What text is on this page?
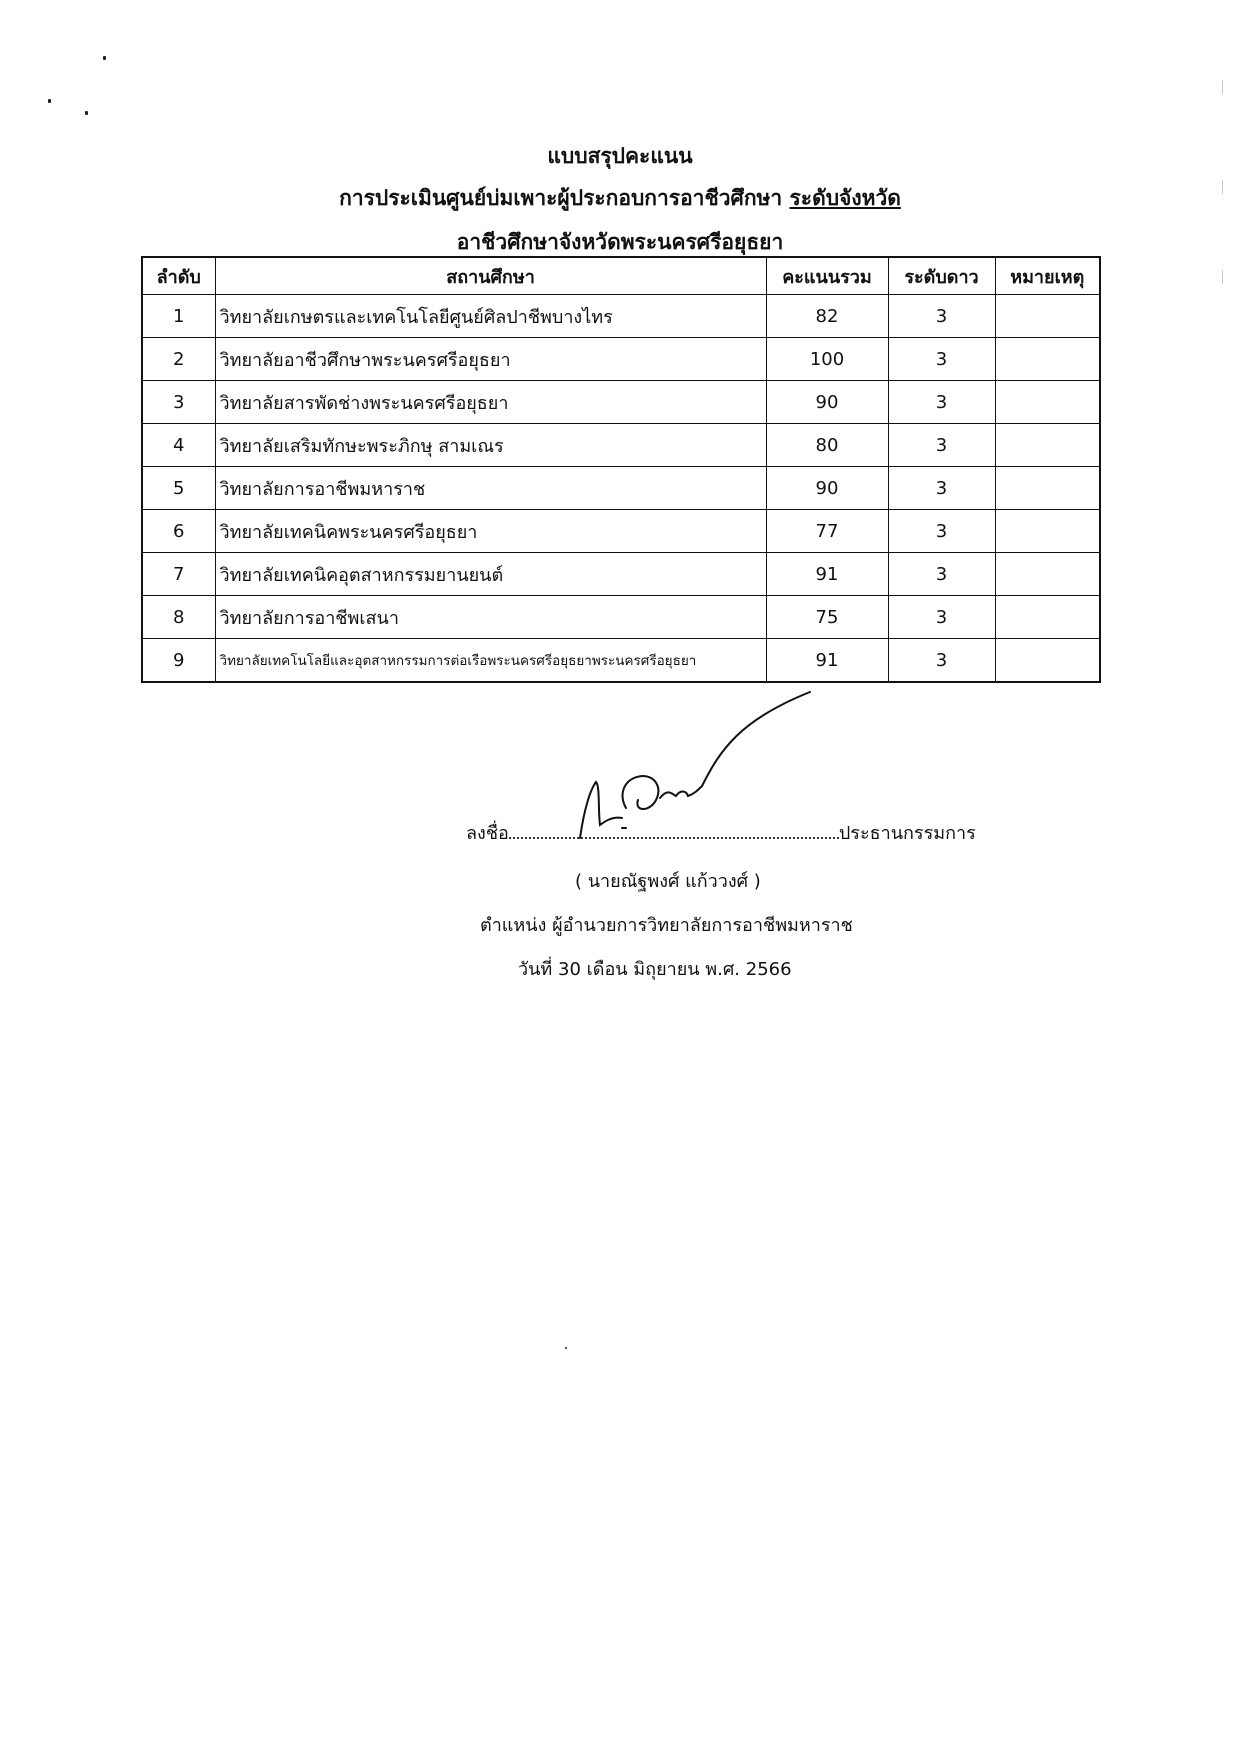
แบบสรุปคะแนน
การประเมินศูนย์บ่มเพาะผู้ประกอบการอาชีวศึกษา ระดับจังหวัด
อาชีวศึกษาจังหวัดพระนครศรีอยุธยา
ลำดับ	สถานศึกษา	คะแนนรวม	ระดับดาว	หมายเหตุ
1	วิทยาลัยเกษตรและเทคโนโลยีศูนย์ศิลปาชีพบางไทร	82	3	
2	วิทยาลัยอาชีวศึกษาพระนครศรีอยุธยา	100	3	
3	วิทยาลัยสารพัดช่างพระนครศรีอยุธยา	90	3	
4	วิทยาลัยเสริมทักษะพระภิกษุ สามเณร	80	3	
5	วิทยาลัยการอาชีพมหาราช	90	3	
6	วิทยาลัยเทคนิคพระนครศรีอยุธยา	77	3	
7	วิทยาลัยเทคนิคอุตสาหกรรมยานยนต์	91	3	
8	วิทยาลัยการอาชีพเสนา	75	3	
9	วิทยาลัยเทคโนโลยีและอุตสาหกรรมการต่อเรือพระนครศรีอยุธยาพระนครศรีอยุธยา	91	3	
ลงชื่อ	ประธานกรรมการ
( นายณัฐพงศ์ แก้ววงศ์ )
ตำแหน่ง ผู้อำนวยการวิทยาลัยการอาชีพมหาราช
วันที่ 30 เดือน มิถุยายน พ.ศ. 2566
